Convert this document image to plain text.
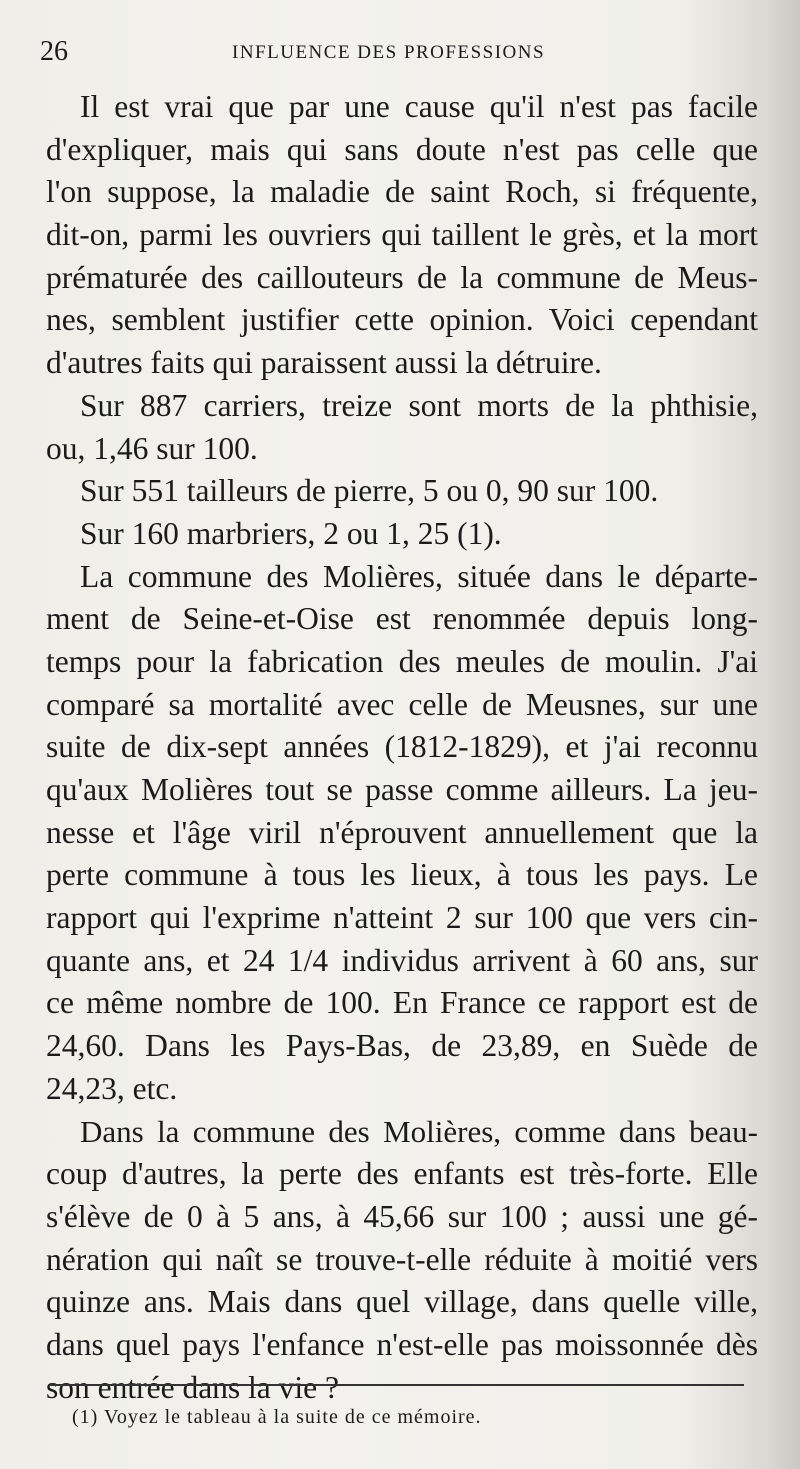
26	INFLUENCE DES PROFESSIONS
Il est vrai que par une cause qu'il n'est pas facile
d'expliquer, mais qui sans doute n'est pas celle que
l'on suppose, la maladie de saint Roch, si fréquente,
dit-on, parmi les ouvriers qui taillent le grès, et la mort
prématurée des caillouteurs de la commune de Meus-
nes, semblent justifier cette opinion. Voici cependant
d'autres faits qui paraissent aussi la détruire.
Sur 887 carriers, treize sont morts de la phthisie,
ou, 1,46 sur 100.
Sur 551 tailleurs de pierre, 5 ou 0, 90 sur 100.
Sur 160 marbriers, 2 ou 1, 25 (1).
La commune des Molières, située dans le départe-
ment de Seine-et-Oise est renommée depuis long-
temps pour la fabrication des meules de moulin. J'ai
comparé sa mortalité avec celle de Meusnes, sur une
suite de dix-sept années (1812-1829), et j'ai reconnu
qu'aux Molières tout se passe comme ailleurs. La jeu-
nesse et l'âge viril n'éprouvent annuellement que la
perte commune à tous les lieux, à tous les pays. Le
rapport qui l'exprime n'atteint 2 sur 100 que vers cin-
quante ans, et 24 1/4 individus arrivent à 60 ans, sur
ce même nombre de 100. En France ce rapport est de
24,60. Dans les Pays-Bas, de 23,89, en Suède de
24,23, etc.
Dans la commune des Molières, comme dans beau-
coup d'autres, la perte des enfants est très-forte. Elle
s'élève de 0 à 5 ans, à 45,66 sur 100 ; aussi une gé-
nération qui naît se trouve-t-elle réduite à moitié vers
quinze ans. Mais dans quel village, dans quelle ville,
dans quel pays l'enfance n'est-elle pas moissonnée dès
son entrée dans la vie ?
(1) Voyez le tableau à la suite de ce mémoire.
